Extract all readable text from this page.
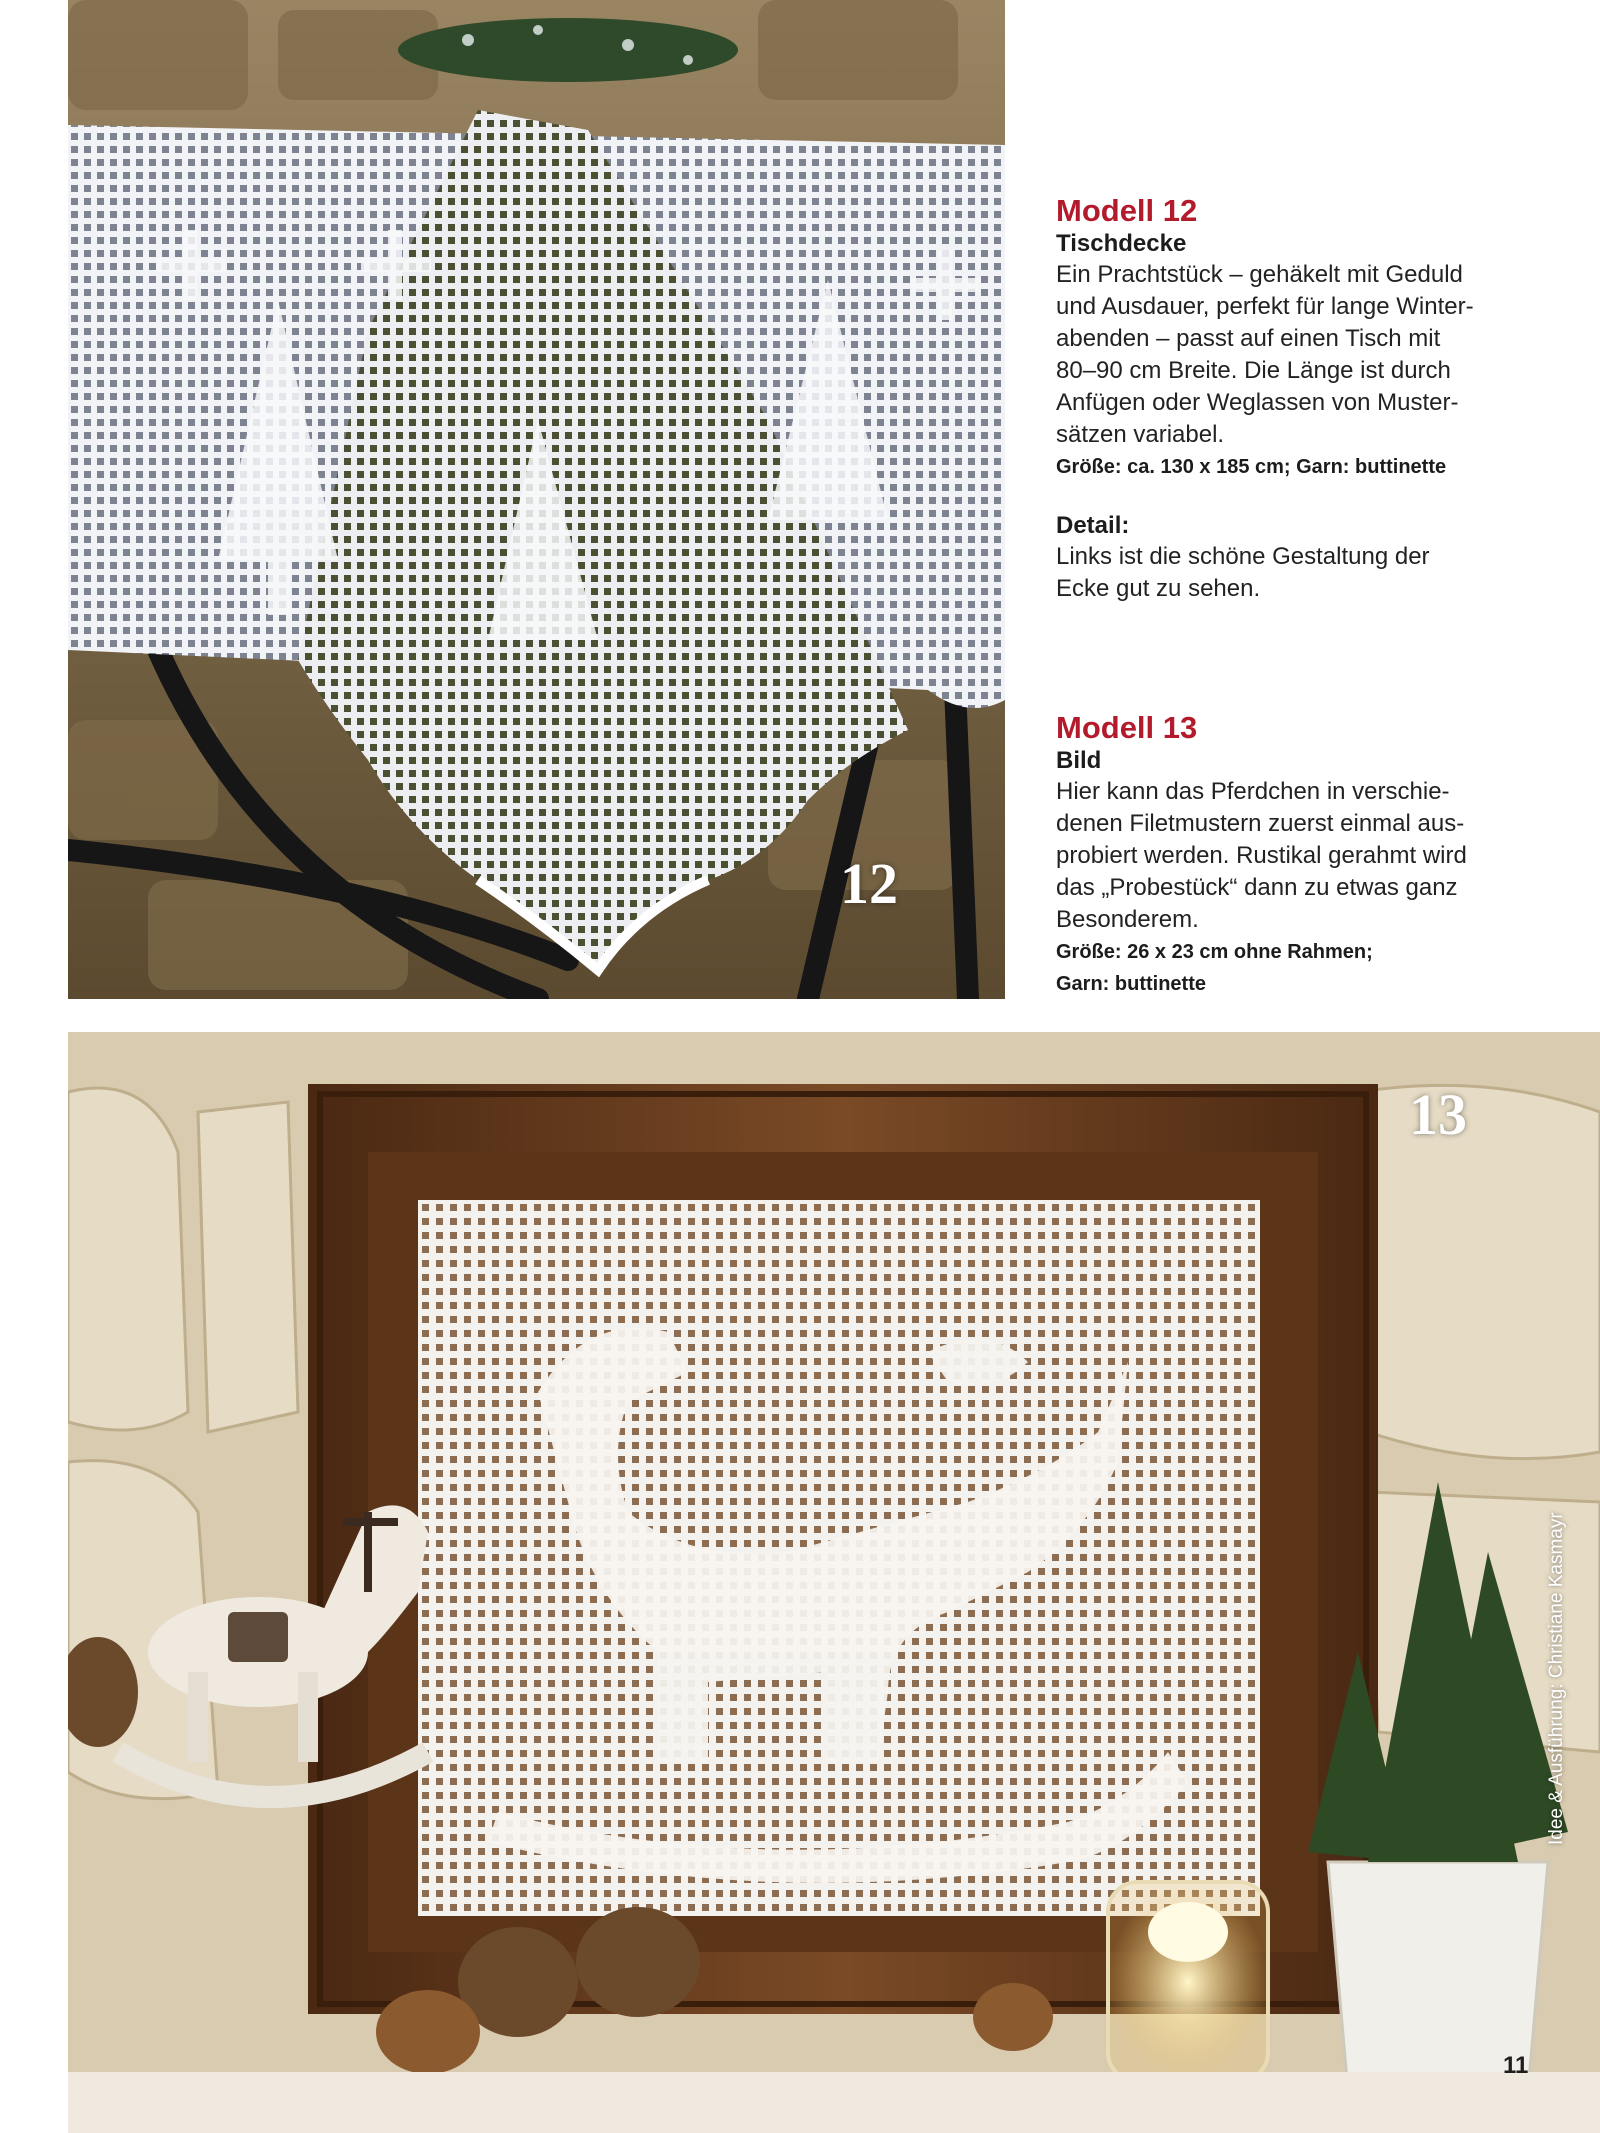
12

Modell 12

Tischdecke

Ein Prachtstück – gehäkelt mit Geduld

und Ausdauer, perfekt für lange Winter-

abenden – passt auf einen Tisch mit

80–90 cm Breite. Die Länge ist durch

Anfügen oder Weglassen von Muster-

sätzen variabel.

Größe: ca. 130 x 185 cm; Garn: buttinette

Detail:

Links ist die schöne Gestaltung der

Ecke gut zu sehen.

Modell 13

Bild

Hier kann das Pferdchen in verschie-

denen Filetmustern zuerst einmal aus-

probiert werden. Rustikal gerahmt wird

das „Probestück“ dann zu etwas ganz

Besonderem.

Größe: 26 x 23 cm ohne Rahmen;

Garn: buttinette

13
Idee & Ausführung: Christiane Kasmayr
11
